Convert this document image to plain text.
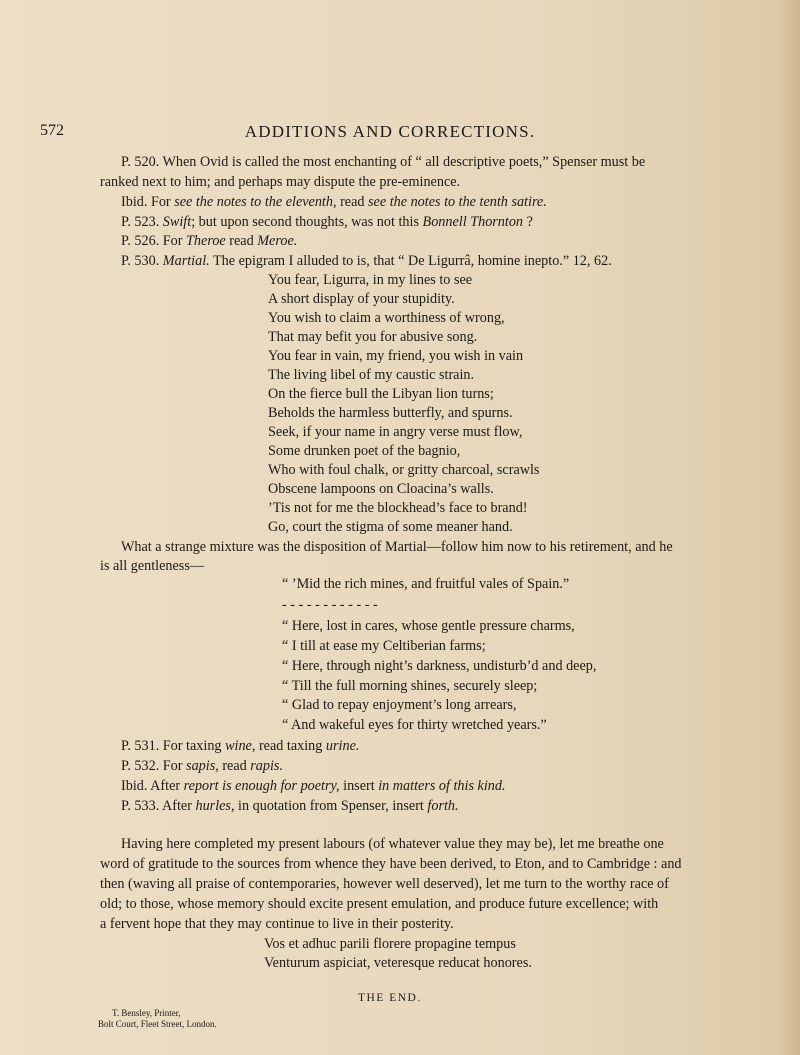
572	ADDITIONS AND CORRECTIONS.
P. 520. When Ovid is called the most enchanting of “ all descriptive poets,” Spenser must be
ranked next to him; and perhaps may dispute the pre-eminence.
Ibid. For see the notes to the eleventh, read see the notes to the tenth satire.
P. 523. Swift; but upon second thoughts, was not this Bonnell Thornton ?
P. 526. For Theroe read Meroe.
P. 530. Martial. The epigram I alluded to is, that “ De Ligurrâ, homine inepto.” 12, 62.
You fear, Ligurra, in my lines to see
A short display of your stupidity.
You wish to claim a worthiness of wrong,
That may befit you for abusive song.
You fear in vain, my friend, you wish in vain
The living libel of my caustic strain.
On the fierce bull the Libyan lion turns;
Beholds the harmless butterfly, and spurns.
Seek, if your name in angry verse must flow,
Some drunken poet of the bagnio,
Who with foul chalk, or gritty charcoal, scrawls
Obscene lampoons on Cloacina’s walls.
’Tis not for me the blockhead’s face to brand!
Go, court the stigma of some meaner hand.
What a strange mixture was the disposition of Martial—follow him now to his retirement, and he
is all gentleness—
“ ’Mid the rich mines, and fruitful vales of Spain.”
- - - - - - - - - - - -
“ Here, lost in cares, whose gentle pressure charms,
“ I till at ease my Celtiberian farms;
“ Here, through night’s darkness, undisturb’d and deep,
“ Till the full morning shines, securely sleep;
“ Glad to repay enjoyment’s long arrears,
“ And wakeful eyes for thirty wretched years.”
P. 531. For taxing wine, read taxing urine.
P. 532. For sapis, read rapis.
Ibid. After report is enough for poetry, insert in matters of this kind.
P. 533. After hurles, in quotation from Spenser, insert forth.
Having here completed my present labours (of whatever value they may be), let me breathe one
word of gratitude to the sources from whence they have been derived, to Eton, and to Cambridge : and
then (waving all praise of contemporaries, however well deserved), let me turn to the worthy race of
old; to those, whose memory should excite present emulation, and produce future excellence; with
a fervent hope that they may continue to live in their posterity.
Vos et adhuc parili florere propagine tempus
Venturum aspiciat, veteresque reducat honores.
THE END.
T. Bensley, Printer,
Bolt Court, Fleet Street, London.
